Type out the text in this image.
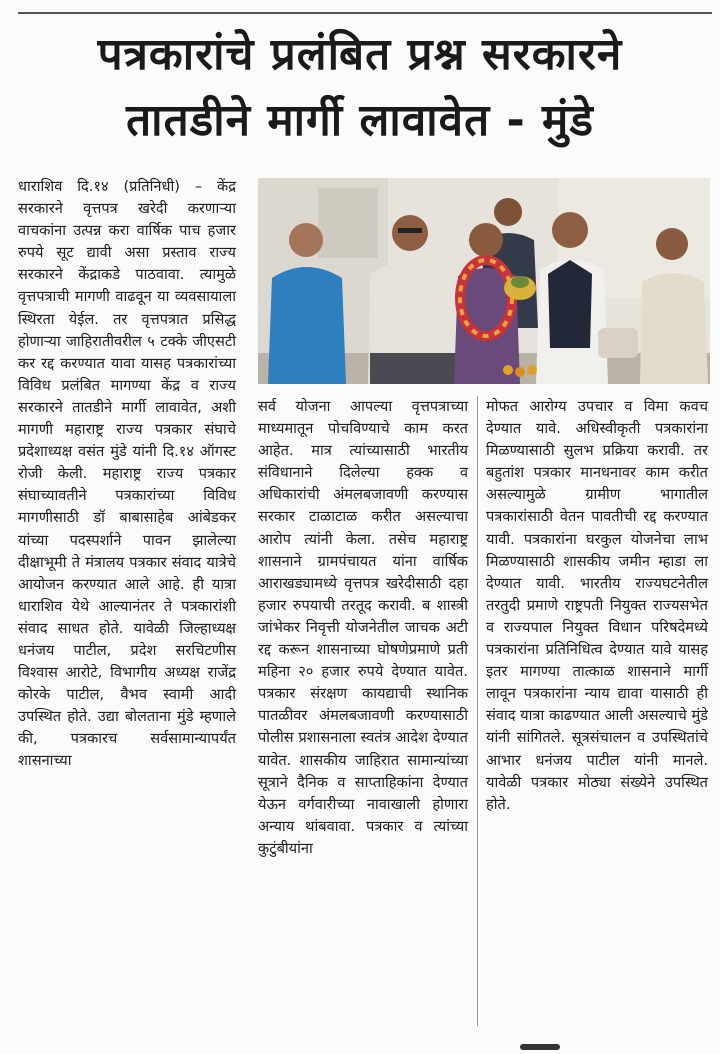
पत्रकारांचे प्रलंबित प्रश्न सरकारने
तातडीने मार्गी लावावेत - मुंडे
धाराशिव दि.१४ (प्रतिनिधी) – केंद्र सरकारने वृत्तपत्र खरेदी करणाऱ्या वाचकांना उत्पन्न करा वार्षिक पाच हजार रुपये सूट द्यावी असा प्रस्ताव राज्य सरकारने केंद्राकडे पाठवावा. त्यामुळे वृत्तपत्राची मागणी वाढवून या व्यवसायाला स्थिरता येईल. तर वृत्तपत्रात प्रसिद्ध होणाऱ्या जाहिरातीवरील ५ टक्के जीएसटी कर रद्द करण्यात यावा यासह पत्रकारांच्या विविध प्रलंबित मागण्या केंद्र व राज्य सरकारने तातडीने मार्गी लावावेत, अशी मागणी महाराष्ट्र राज्य पत्रकार संघाचे प्रदेशाध्यक्ष वसंत मुंडे यांनी दि.१४ ऑगस्ट रोजी केली. महाराष्ट्र राज्य पत्रकार संघाच्यावतीने पत्रकारांच्या विविध मागणीसाठी डॉ बाबासाहेब आंबेडकर यांच्या पदस्पर्शाने पावन झालेल्या दीक्षाभूमी ते मंत्रालय पत्रकार संवाद यात्रेचे आयोजन करण्यात आले आहे. ही यात्रा धाराशिव येथे आल्यानंतर ते पत्रकारांशी संवाद साधत होते. यावेळी जिल्हाध्यक्ष धनंजय पाटील, प्रदेश सरचिटणीस विश्वास आरोटे, विभागीय अध्यक्ष राजेंद्र कोरके पाटील, वैभव स्वामी आदी उपस्थित होते. उद्या बोलताना मुंडे म्हणाले की, पत्रकारच सर्वसामान्यापर्यंत शासनाच्या
सर्व योजना आपल्या वृत्तपत्राच्या माध्यमातून पोचविण्याचे काम करत आहेत. मात्र त्यांच्यासाठी भारतीय संविधानाने दिलेल्या हक्क व अधिकारांची अंमलबजावणी करण्यास सरकार टाळाटाळ करीत असल्याचा आरोप त्यांनी केला. तसेच महाराष्ट्र शासनाने ग्रामपंचायत यांना वार्षिक आराखड्यामध्ये वृत्तपत्र खरेदीसाठी दहा हजार रुपयाची तरतूद करावी. ब शास्त्री जांभेकर निवृत्ती योजनेतील जाचक अटी रद्द करून शासनाच्या घोषणेप्रमाणे प्रती महिना २० हजार रुपये देण्यात यावेत. पत्रकार संरक्षण कायद्याची स्थानिक पातळीवर अंमलबजावणी करण्यासाठी पोलीस प्रशासनाला स्वतंत्र आदेश देण्यात यावेत. शासकीय जाहिरात सामान्यांच्या सूत्राने दैनिक व साप्ताहिकांना देण्यात येऊन वर्गवारीच्या नावाखाली होणारा अन्याय थांबवावा. पत्रकार व त्यांच्या कुटुंबीयांना
मोफत आरोग्य उपचार व विमा कवच देण्यात यावे. अधिस्वीकृती पत्रकारांना मिळण्यासाठी सुलभ प्रक्रिया करावी. तर बहुतांश पत्रकार मानधनावर काम करीत असल्यामुळे ग्रामीण भागातील पत्रकारांसाठी वेतन पावतीची रद्द करण्यात यावी. पत्रकारांना घरकुल योजनेचा लाभ मिळण्यासाठी शासकीय जमीन म्हाडा ला देण्यात यावी. भारतीय राज्यघटनेतील तरतुदी प्रमाणे राष्ट्रपती नियुक्त राज्यसभेत व राज्यपाल नियुक्त विधान परिषदेमध्ये पत्रकारांना प्रतिनिधित्व देण्यात यावे यासह इतर मागण्या तात्काळ शासनाने मार्गी लावून पत्रकारांना न्याय द्यावा यासाठी ही संवाद यात्रा काढण्यात आली असल्याचे मुंडे यांनी सांगितले. सूत्रसंचालन व उपस्थितांचे आभार धनंजय पाटील यांनी मानले. यावेळी पत्रकार मोठ्या संख्येने उपस्थित होते.
